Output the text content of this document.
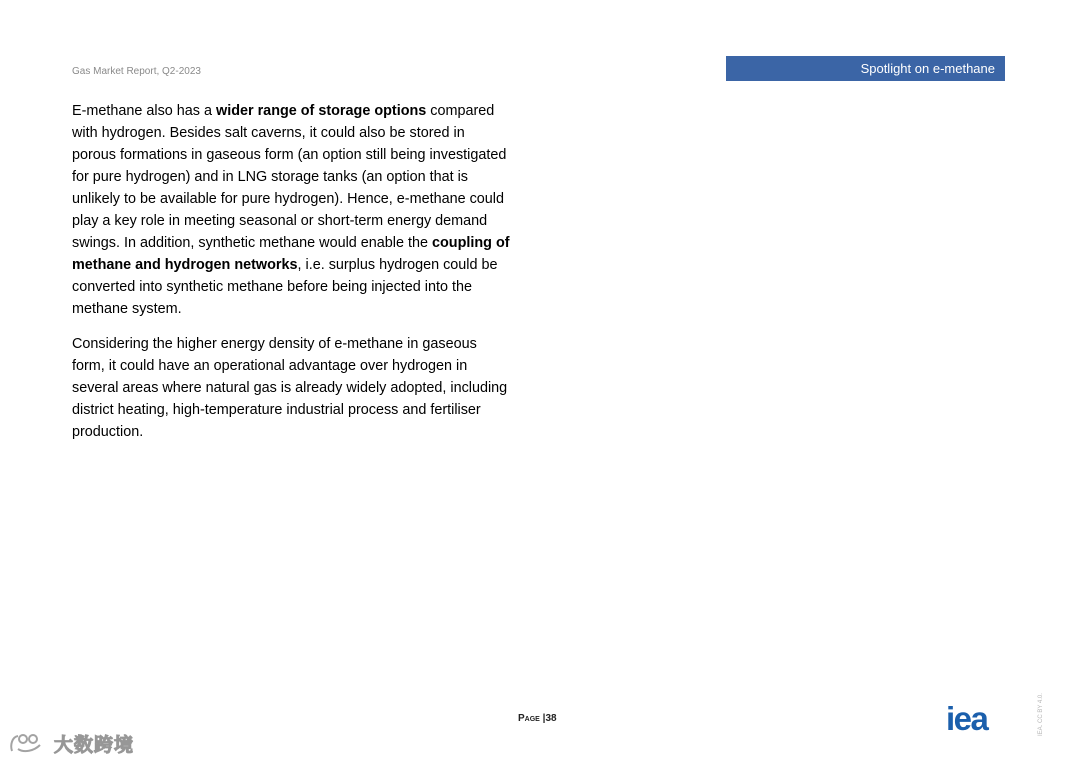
Gas Market Report, Q2-2023	Spotlight on e-methane

E-methane also has a wider range of storage options compared with hydrogen. Besides salt caverns, it could also be stored in porous formations in gaseous form (an option still being investigated for pure hydrogen) and in LNG storage tanks (an option that is unlikely to be available for pure hydrogen). Hence, e-methane could play a key role in meeting seasonal or short-term energy demand swings. In addition, synthetic methane would enable the coupling of methane and hydrogen networks, i.e. surplus hydrogen could be converted into synthetic methane before being injected into the methane system.

Considering the higher energy density of e-methane in gaseous form, it could have an operational advantage over hydrogen in several areas where natural gas is already widely adopted, including district heating, high-temperature industrial process and fertiliser production.

Page |38	iea	IEA. CC BY 4.0.
大数跨境
